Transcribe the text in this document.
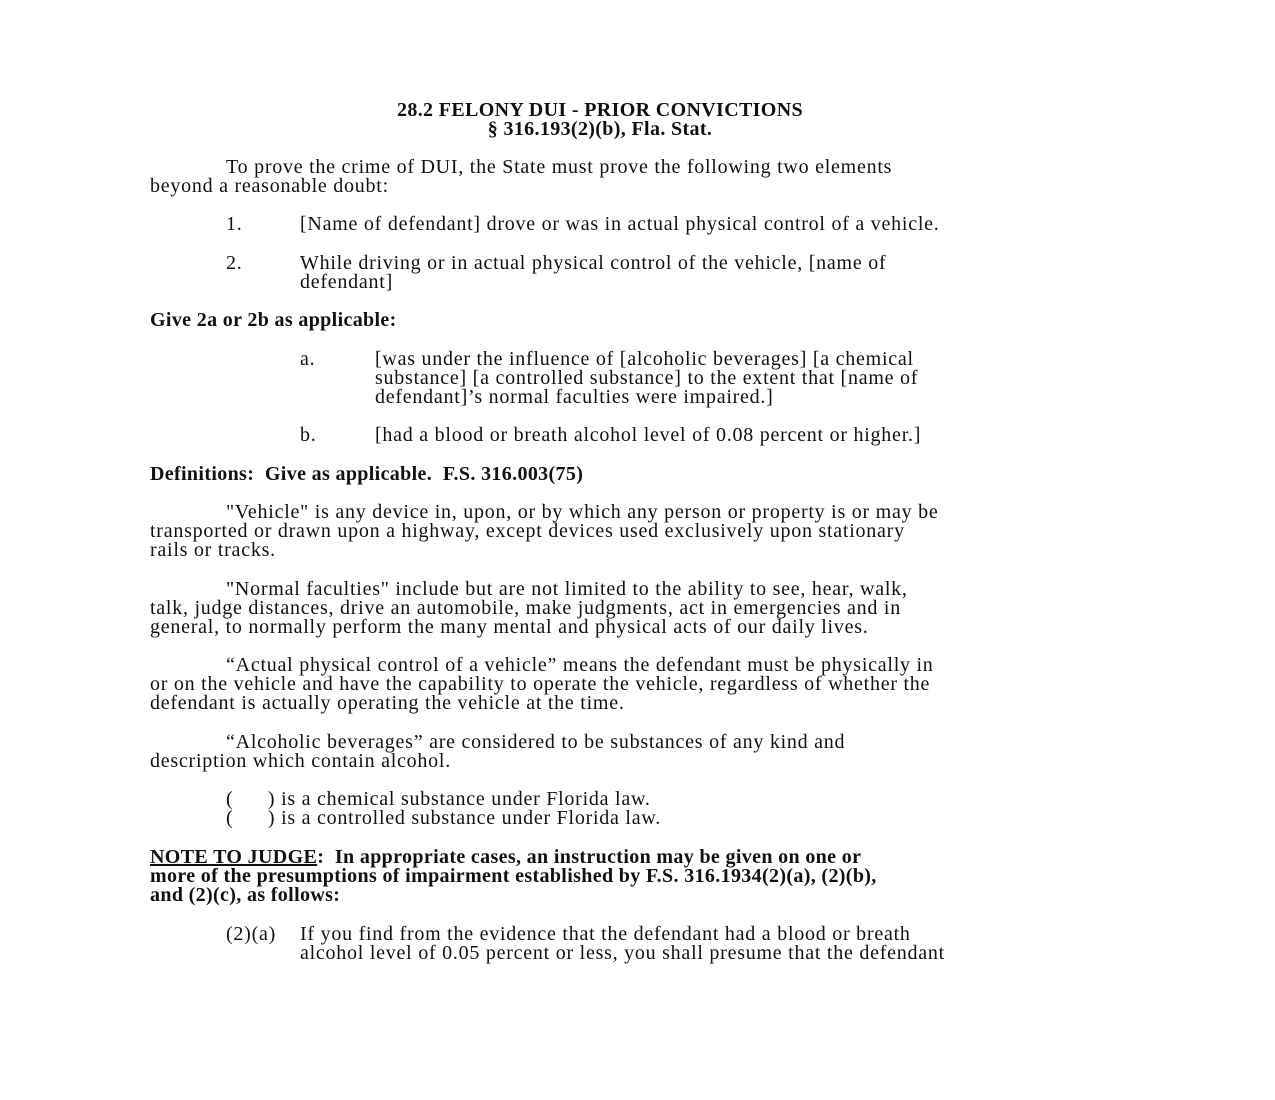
28.2 FELONY DUI - PRIOR CONVICTIONS
§ 316.193(2)(b), Fla. Stat.
To prove the crime of DUI, the State must prove the following two elements
beyond a reasonable doubt:
1.	[Name of defendant] drove or was in actual physical control of a vehicle.
2.	While driving or in actual physical control of the vehicle, [name of
defendant]
Give 2a or 2b as applicable:
a.	[was under the influence of [alcoholic beverages] [a chemical
substance] [a controlled substance] to the extent that [name of
defendant]’s normal faculties were impaired.]
b.	[had a blood or breath alcohol level of 0.08 percent or higher.]
Definitions:  Give as applicable.  F.S. 316.003(75)
"Vehicle" is any device in, upon, or by which any person or property is or may be
transported or drawn upon a highway, except devices used exclusively upon stationary
rails or tracks.
"Normal faculties" include but are not limited to the ability to see, hear, walk,
talk, judge distances, drive an automobile, make judgments, act in emergencies and in
general, to normally perform the many mental and physical acts of our daily lives.
“Actual physical control of a vehicle” means the defendant must be physically in
or on the vehicle and have the capability to operate the vehicle, regardless of whether the
defendant is actually operating the vehicle at the time.
“Alcoholic beverages” are considered to be substances of any kind and
description which contain alcohol.
(      ) is a chemical substance under Florida law.
(      ) is a controlled substance under Florida law.
NOTE TO JUDGE:  In appropriate cases, an instruction may be given on one or
more of the presumptions of impairment established by F.S. 316.1934(2)(a), (2)(b),
and (2)(c), as follows:
(2)(a) If you find from the evidence that the defendant had a blood or breath
alcohol level of 0.05 percent or less, you shall presume that the defendant
